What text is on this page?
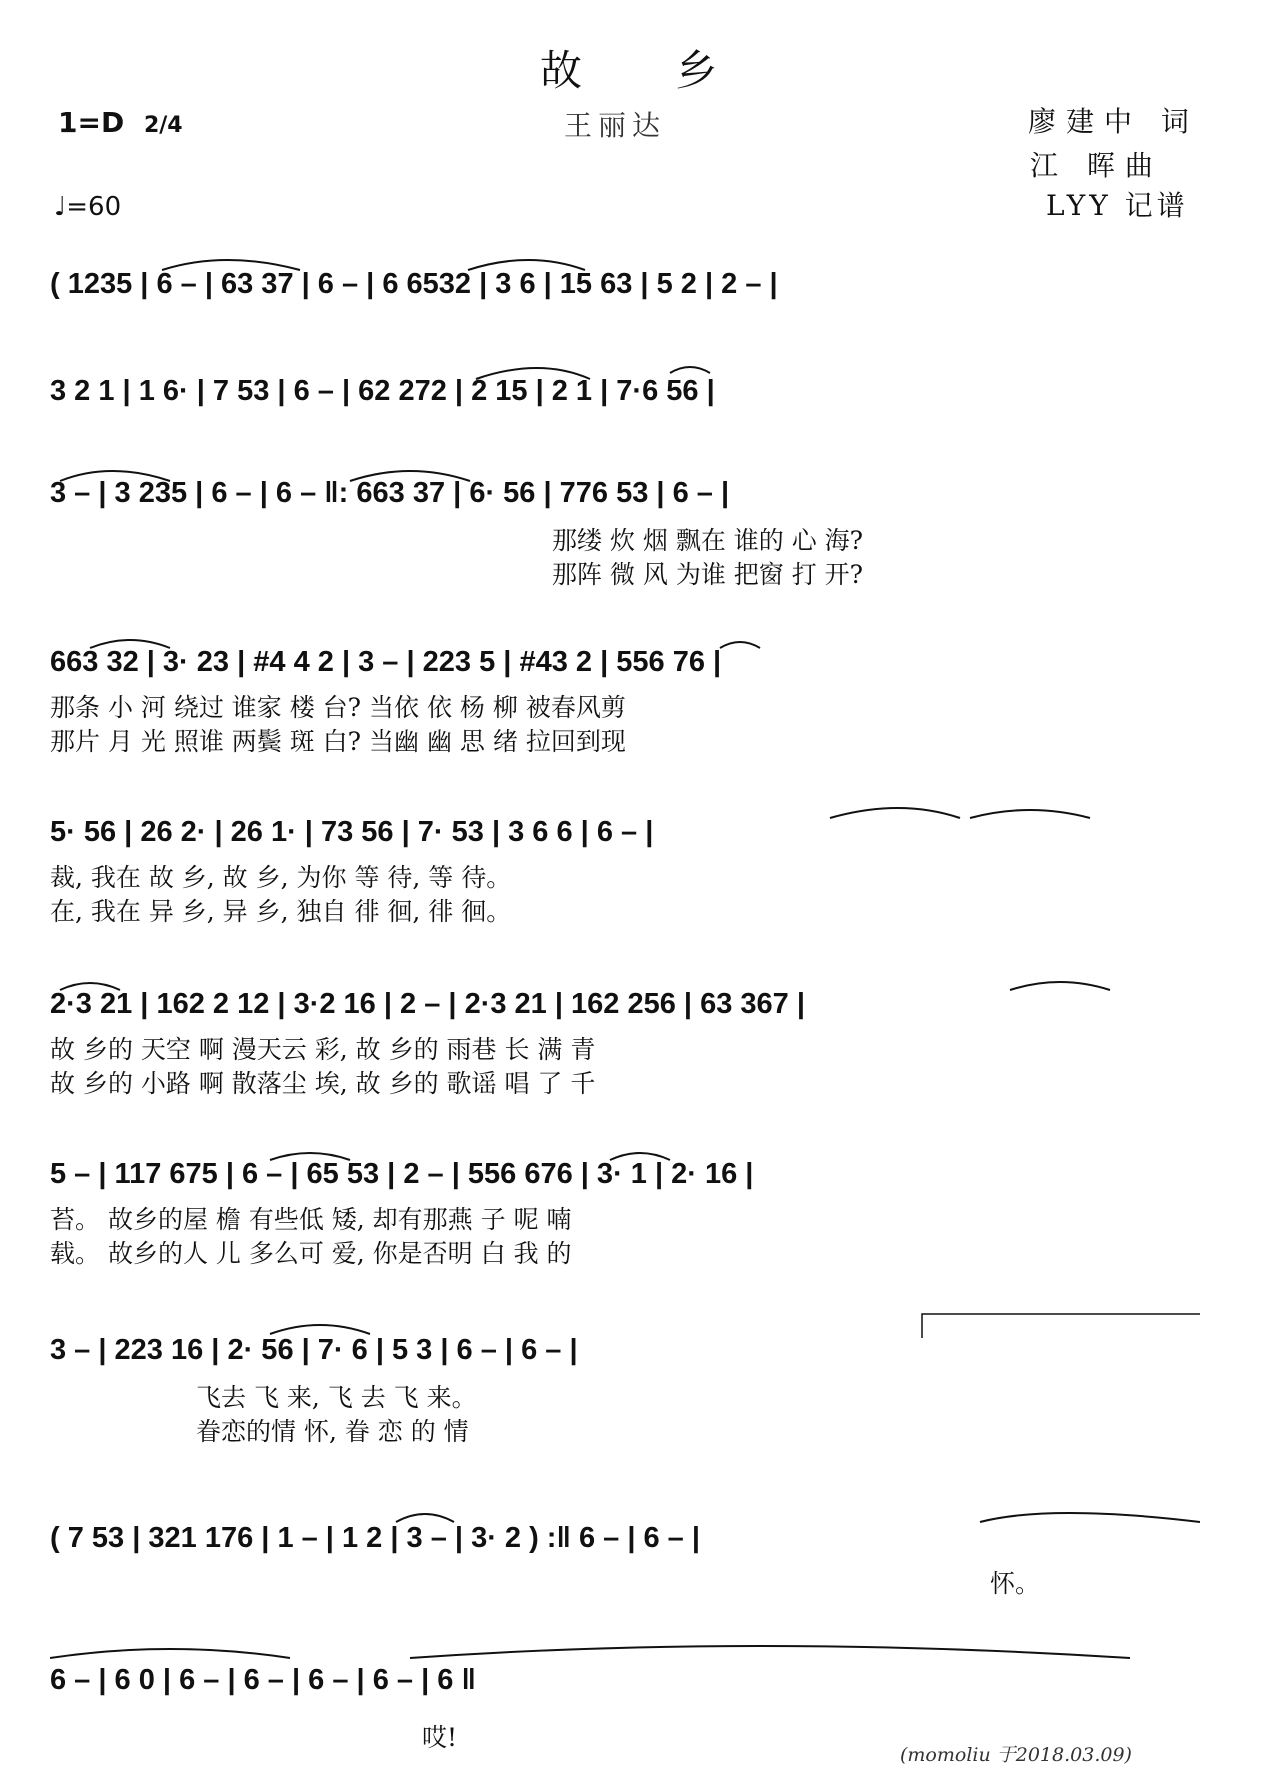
故 乡
王丽达
1=D 2/4
♩=60
廖建中 词
江 晖曲
LYY 记谱
( 1235 | 6 – | 63 37 | 6 – | 6 6532 | 3 6 | 15 63 | 5 2 | 2 – |
3 2 1 | 1 6· | 7 53 | 6 – | 62 272 | 2 15 | 2 1 | 7·6 56 |
3 – | 3 235 | 6 – | 6 – ‖: 663 37 | 6· 56 | 776 53 | 6 – |
那缕 炊 烟 飘在 谁的 心 海?
那阵 微 风 为谁 把窗 打 开?
663 32 | 3· 23 | #4 4 2 | 3 – | 223 5 | #43 2 | 556 76 |
那条 小 河 绕过 谁家 楼 台? 当依 依 杨 柳 被春风剪
那片 月 光 照谁 两鬓 斑 白? 当幽 幽 思 绪 拉回到现
5· 56 | 26 2· | 26 1· | 73 56 | 7· 53 | 3 6 6 | 6 – |
裁, 我在 故 乡, 故 乡, 为你 等 待, 等 待。
在, 我在 异 乡, 异 乡, 独自 徘 徊, 徘 徊。
2·3 21 | 162 2 12 | 3·2 16 | 2 – | 2·3 21 | 162 256 | 63 367 |
故 乡的 天空 啊 漫天云 彩, 故 乡的 雨巷 长 满 青
故 乡的 小路 啊 散落尘 埃, 故 乡的 歌谣 唱 了 千
5 – | 117 675 | 6 – | 65 53 | 2 – | 556 676 | 3· 1 | 2· 16 |
苔。 故乡的屋 檐 有些低 矮, 却有那燕 子 呢 喃
载。 故乡的人 儿 多么可 爱, 你是否明 白 我 的
3 – | 223 16 | 2· 56 | 7· 6 | 5 3 | 6 – | 6 – |
飞去 飞 来, 飞 去 飞 来。
眷恋的情 怀, 眷 恋 的 情
( 7 53 | 321 176 | 1 – | 1 2 | 3 – | 3· 2 ) :‖ 6 – | 6 – |
怀。
6 – | 6 0 | 6 – | 6 – | 6 – | 6 – | 6 ‖
哎!
(momoliu 于2018.03.09)
